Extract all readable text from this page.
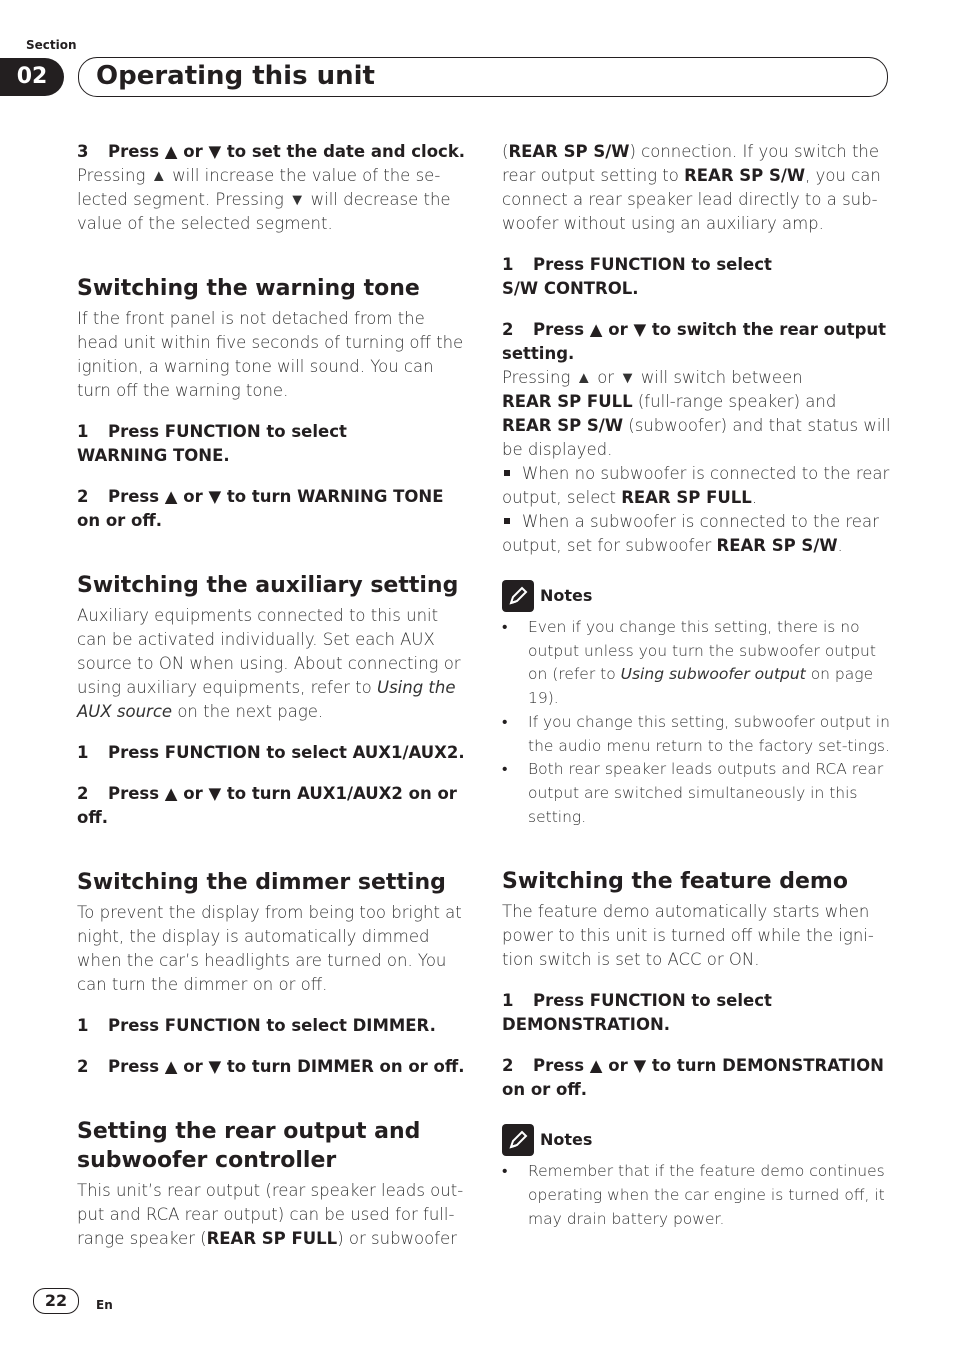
Section
02	Operating this unit

3 Press ▲ or ▼ to set the date and clock.

Pressing ▲ will increase the value of the se-lected segment. Pressing ▼ will decrease the value of the selected segment.

Switching the warning tone

If the front panel is not detached from the head unit within five seconds of turning off the ignition, a warning tone will sound. You can turn off the warning tone.

1 Press FUNCTION to select
WARNING TONE.

2 Press ▲ or ▼ to turn WARNING TONE
on or off.

Switching the auxiliary setting

Auxiliary equipments connected to this unit can be activated individually. Set each AUX source to ON when using. About connecting or using auxiliary equipments, refer to Using the AUX source on the next page.

1 Press FUNCTION to select AUX1/AUX2.

2 Press ▲ or ▼ to turn AUX1/AUX2 on or
off.

Switching the dimmer setting

To prevent the display from being too bright at night, the display is automatically dimmed when the car’s headlights are turned on. You can turn the dimmer on or off.

1 Press FUNCTION to select DIMMER.

2 Press ▲ or ▼ to turn DIMMER on or off.

Setting the rear output and
subwoofer controller

This unit’s rear output (rear speaker leads out-put and RCA rear output) can be used for full-range speaker (REAR SP FULL) or subwoofer

(REAR SP S/W) connection. If you switch the rear output setting to REAR SP S/W, you can connect a rear speaker lead directly to a sub-woofer without using an auxiliary amp.

1 Press FUNCTION to select
S/W CONTROL.

2 Press ▲ or ▼ to switch the rear output
setting.

Pressing ▲ or ▼ will switch between
REAR SP FULL (full-range speaker) and
REAR SP S/W (subwoofer) and that status will be displayed.

When no subwoofer is connected to the rear output, select REAR SP FULL.

When a subwoofer is connected to the rear output, set for subwoofer REAR SP S/W.

Notes
• Even if you change this setting, there is no output unless you turn the subwoofer output on (refer to Using subwoofer output on page 19).
• If you change this setting, subwoofer output in the audio menu return to the factory set-tings.
• Both rear speaker leads outputs and RCA rear output are switched simultaneously in this setting.
Switching the feature demo

The feature demo automatically starts when power to this unit is turned off while the igni-tion switch is set to ACC or ON.

1 Press FUNCTION to select
DEMONSTRATION.

2 Press ▲ or ▼ to turn DEMONSTRATION
on or off.

Notes
• Remember that if the feature demo continues operating when the car engine is turned off, it may drain battery power.
22	En
